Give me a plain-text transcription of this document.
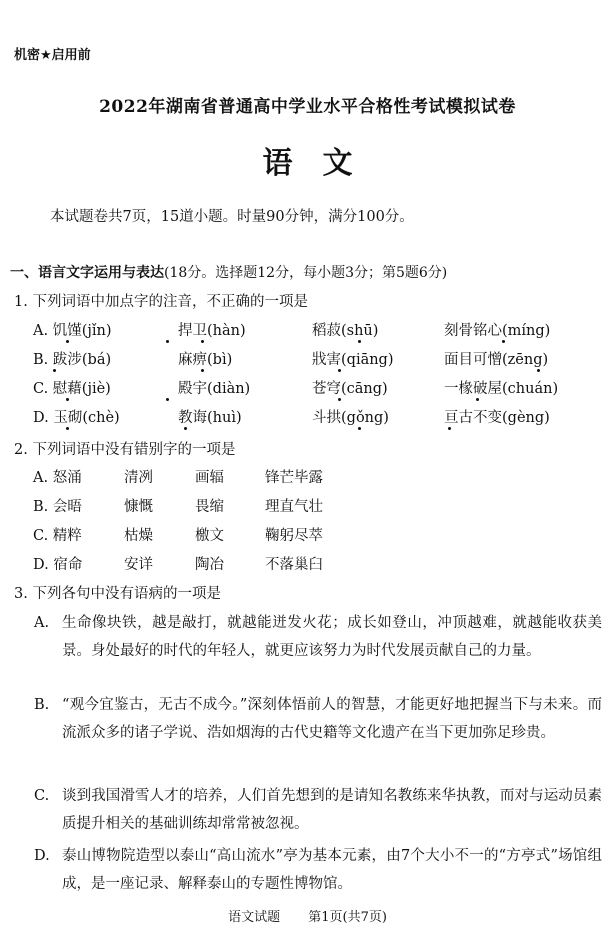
机密★启用前
2022年湖南省普通高中学业水平合格性考试模拟试卷
语文
本试题卷共7页，15道小题。时量90分钟，满分100分。
一、语言文字运用与表达(18分。选择题12分，每小题3分；第5题6分)
1. 下列词语中加点字的注音，不正确的一项是
A. 饥馑(jǐn)	捍卫(hàn)	稻菽(shū)	刻骨铭心(míng)
B. 跋涉(bá)	麻痹(bì)	戕害(qiāng)	面目可憎(zēng)
C. 慰藉(jiè)	殿宇(diàn)	苍穹(cāng)	一椽破屋(chuán)
D. 玉砌(chè)	教诲(huì)	斗拱(gǒng)	亘古不变(gèng)
2. 下列词语中没有错别字的一项是
A. 怒涌	清冽	画辐	锋芒毕露
B. 会晤	慷慨	畏缩	理直气壮
C. 精粹	枯燥	檄文	鞠躬尽萃
D. 宿命	安详	陶冶	不落巢臼
3. 下列各句中没有语病的一项是
A. 生命像块铁，越是敲打，就越能迸发火花；成长如登山，冲顶越难，就越能收获美景。身处最好的时代的年轻人，就更应该努力为时代发展贡献自己的力量。
B. “观今宜鉴古，无古不成今。”深刻体悟前人的智慧，才能更好地把握当下与未来。而流派众多的诸子学说、浩如烟海的古代史籍等文化遗产在当下更加弥足珍贵。
C. 谈到我国滑雪人才的培养，人们首先想到的是请知名教练来华执教，而对与运动员素质提升相关的基础训练却常常被忽视。
D. 泰山博物院造型以泰山“高山流水”亭为基本元素，由7个大小不一的“方亭式”场馆组成，是一座记录、解释泰山的专题性博物馆。
语文试题 第1页(共7页)
